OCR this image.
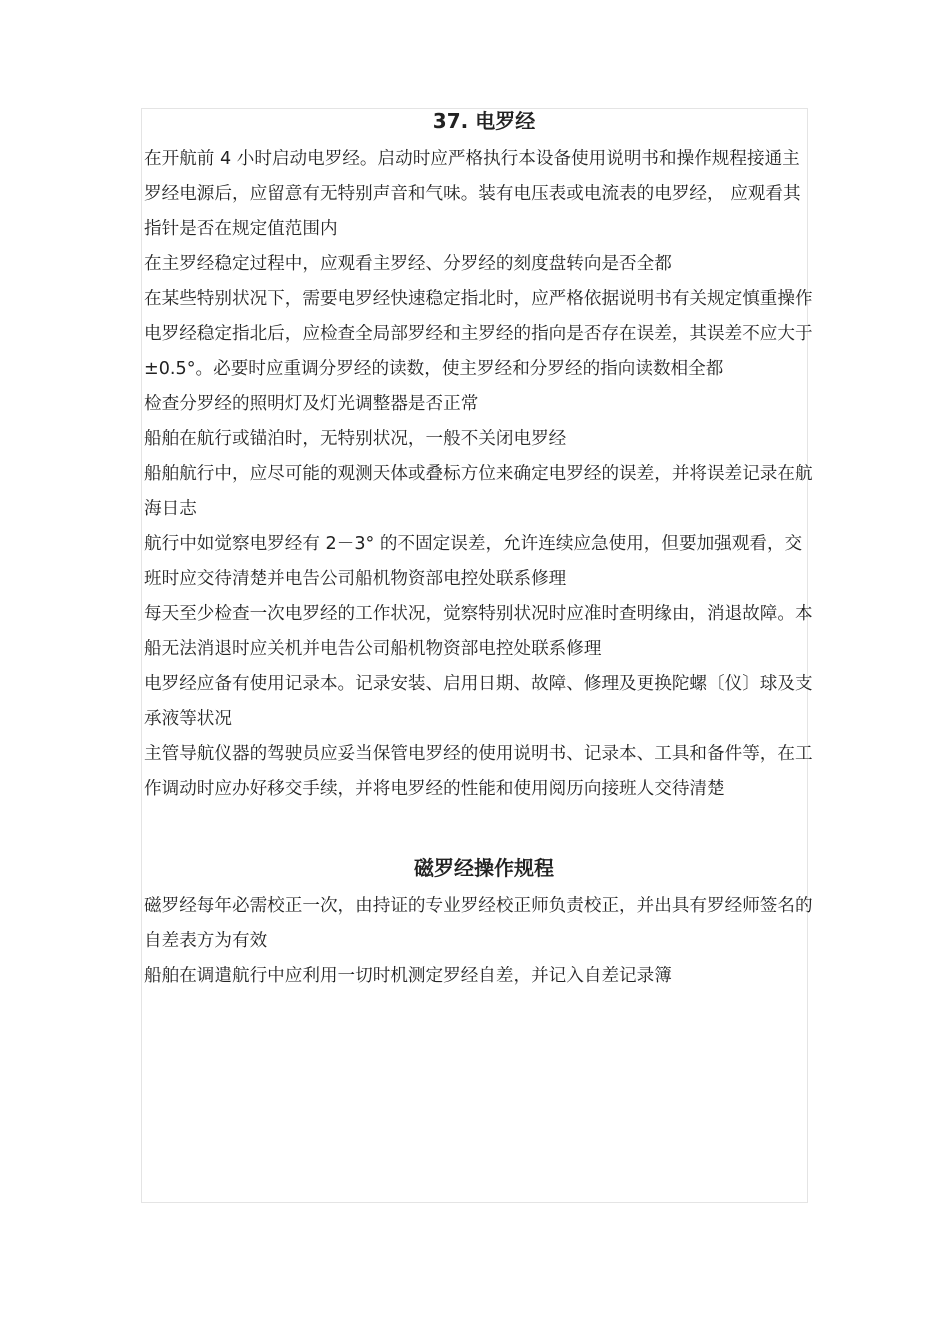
37. 电罗经

在开航前 4 小时启动电罗经。启动时应严格执行本设备使用说明书和操作规程接通主罗经电源后，应留意有无特别声音和气味。装有电压表或电流表的电罗经， 应观看其指针是否在规定值范围内

在主罗经稳定过程中，应观看主罗经、分罗经的刻度盘转向是否全都

在某些特别状况下，需要电罗经快速稳定指北时，应严格依据说明书有关规定慎重操作

电罗经稳定指北后，应检查全局部罗经和主罗经的指向是否存在误差，其误差不应大于±0.5°。必要时应重调分罗经的读数，使主罗经和分罗经的指向读数相全都

检查分罗经的照明灯及灯光调整器是否正常

船舶在航行或锚泊时，无特别状况，一般不关闭电罗经

船舶航行中，应尽可能的观测天体或叠标方位来确定电罗经的误差，并将误差记录在航海日志

航行中如觉察电罗经有 2－3° 的不固定误差，允许连续应急使用，但要加强观看，交班时应交待清楚并电告公司船机物资部电控处联系修理

每天至少检查一次电罗经的工作状况，觉察特别状况时应准时查明缘由，消退故障。本船无法消退时应关机并电告公司船机物资部电控处联系修理

电罗经应备有使用记录本。记录安装、启用日期、故障、修理及更换陀螺〔仪〕球及支承液等状况

主管导航仪器的驾驶员应妥当保管电罗经的使用说明书、记录本、工具和备件等，在工作调动时应办好移交手续，并将电罗经的性能和使用阅历向接班人交待清楚

磁罗经操作规程

磁罗经每年必需校正一次，由持证的专业罗经校正师负责校正，并出具有罗经师签名的自差表方为有效

船舶在调遣航行中应利用一切时机测定罗经自差，并记入自差记录簿
